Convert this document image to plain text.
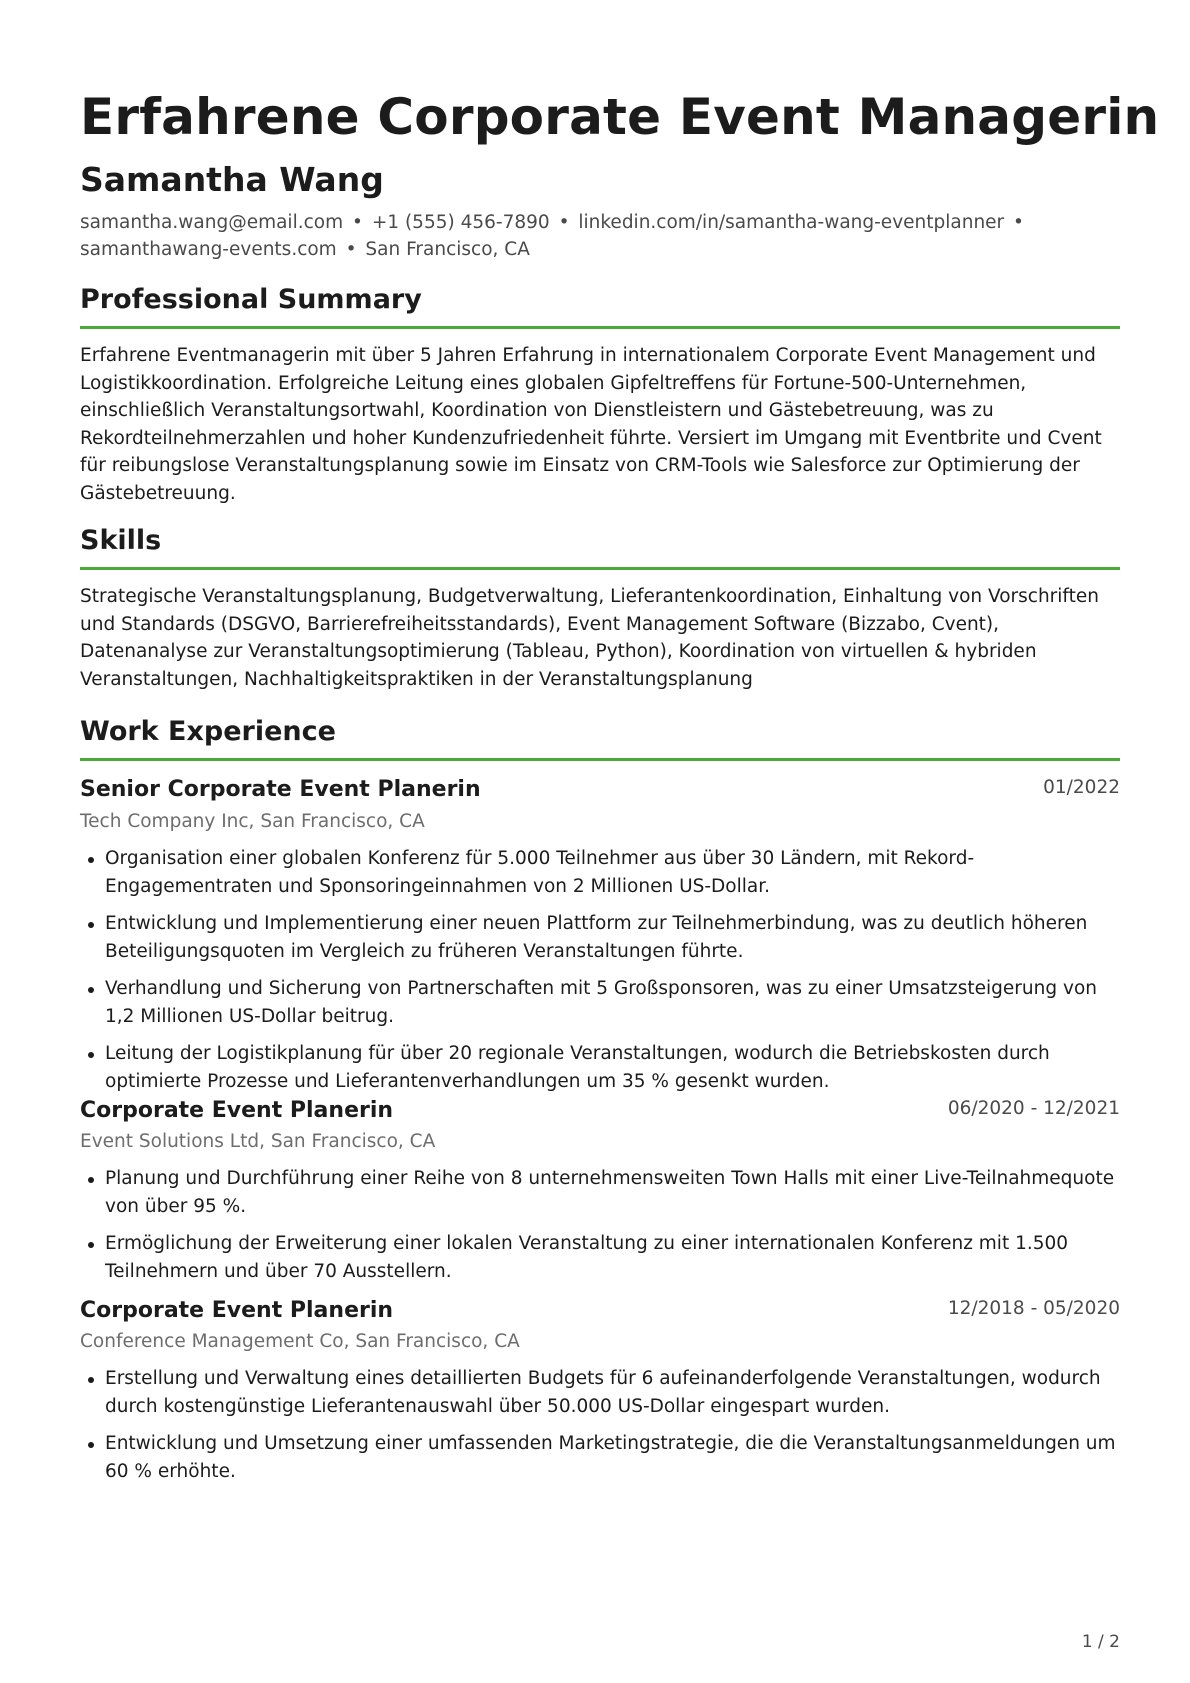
Erfahrene Corporate Event Managerin
Samantha Wang
samantha.wang@email.com • +1 (555) 456-7890 • linkedin.com/in/samantha-wang-eventplanner • samanthawang-events.com • San Francisco, CA
Professional Summary

Erfahrene Eventmanagerin mit über 5 Jahren Erfahrung in internationalem Corporate Event Management und Logistikkoordination. Erfolgreiche Leitung eines globalen Gipfeltreffens für Fortune-500-Unternehmen, einschließlich Veranstaltungsortwahl, Koordination von Dienstleistern und Gästebetreuung, was zu Rekordteilnehmerzahlen und hoher Kundenzufriedenheit führte. Versiert im Umgang mit Eventbrite und Cvent für reibungslose Veranstaltungsplanung sowie im Einsatz von CRM-Tools wie Salesforce zur Optimierung der Gästebetreuung.

Skills

Strategische Veranstaltungsplanung, Budgetverwaltung, Lieferantenkoordination, Einhaltung von Vorschriften und Standards (DSGVO, Barrierefreiheitsstandards), Event Management Software (Bizzabo, Cvent), Datenanalyse zur Veranstaltungsoptimierung (Tableau, Python), Koordination von virtuellen & hybriden Veranstaltungen, Nachhaltigkeitspraktiken in der Veranstaltungsplanung

Work Experience
Senior Corporate Event Planerin	01/2022
Tech Company Inc, San Francisco, CA
Organisation einer globalen Konferenz für 5.000 Teilnehmer aus über 30 Ländern, mit Rekord-Engagementraten und Sponsoringeinnahmen von 2 Millionen US-Dollar.
Entwicklung und Implementierung einer neuen Plattform zur Teilnehmerbindung, was zu deutlich höheren Beteiligungsquoten im Vergleich zu früheren Veranstaltungen führte.
Verhandlung und Sicherung von Partnerschaften mit 5 Großsponsoren, was zu einer Umsatzsteigerung von 1,2 Millionen US-Dollar beitrug.
Leitung der Logistikplanung für über 20 regionale Veranstaltungen, wodurch die Betriebskosten durch optimierte Prozesse und Lieferantenverhandlungen um 35 % gesenkt wurden.
Corporate Event Planerin	06/2020 - 12/2021
Event Solutions Ltd, San Francisco, CA
Planung und Durchführung einer Reihe von 8 unternehmensweiten Town Halls mit einer Live-Teilnahmequote von über 95 %.
Ermöglichung der Erweiterung einer lokalen Veranstaltung zu einer internationalen Konferenz mit 1.500 Teilnehmern und über 70 Ausstellern.
Corporate Event Planerin	12/2018 - 05/2020
Conference Management Co, San Francisco, CA
Erstellung und Verwaltung eines detaillierten Budgets für 6 aufeinanderfolgende Veranstaltungen, wodurch durch kostengünstige Lieferantenauswahl über 50.000 US-Dollar eingespart wurden.
Entwicklung und Umsetzung einer umfassenden Marketingstrategie, die die Veranstaltungsanmeldungen um 60 % erhöhte.
1 / 2
